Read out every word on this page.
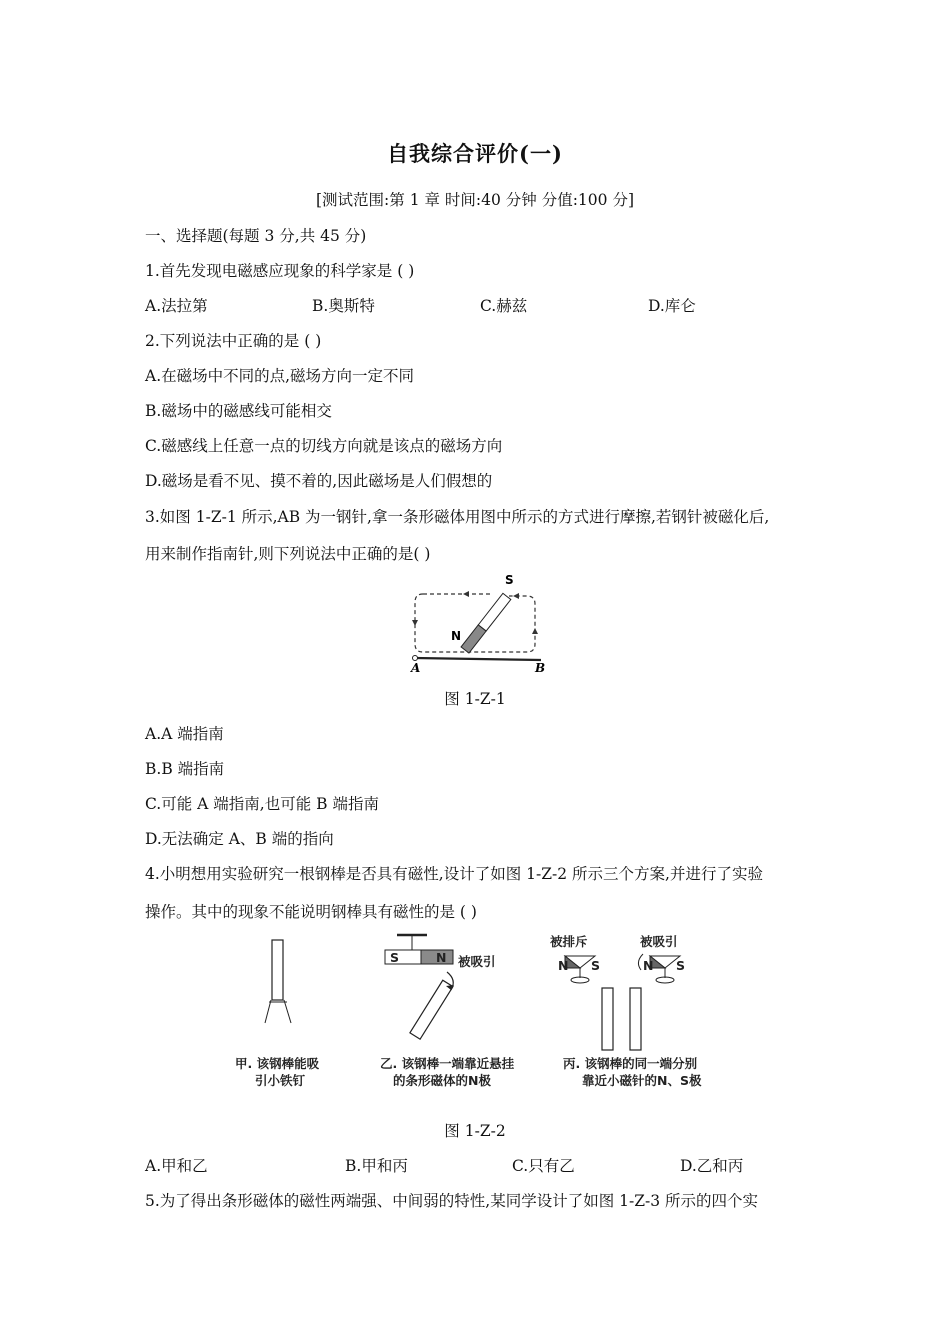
自我综合评价(一)
[测试范围:第 1 章 时间:40 分钟 分值:100 分]
一、选择题(每题 3 分,共 45 分)
1.首先发现电磁感应现象的科学家是 ( )
A.法拉第	B.奥斯特	C.赫兹	D.库仑
2.下列说法中正确的是 ( )
A.在磁场中不同的点,磁场方向一定不同
B.磁场中的磁感线可能相交
C.磁感线上任意一点的切线方向就是该点的磁场方向
D.磁场是看不见、摸不着的,因此磁场是人们假想的
3.如图 1-Z-1 所示,AB 为一钢针,拿一条形磁体用图中所示的方式进行摩擦,若钢针被磁化后,
用来制作指南针,则下列说法中正确的是( )
S
N
A	B
图 1-Z-1
A.A 端指南
B.B 端指南
C.可能 A 端指南,也可能 B 端指南
D.无法确定 A、B 端的指向
4.小明想用实验研究一根钢棒是否具有磁性,设计了如图 1-Z-2 所示三个方案,并进行了实验
操作。其中的现象不能说明钢棒具有磁性的是 ( )
甲. 该钢棒能吸
引小铁钉
S	N 被吸引
乙. 该钢棒一端靠近悬挂
的条形磁体的N极
被排斥	被吸引
N S	N S
丙. 该钢棒的同一端分别
靠近小磁针的N、S极
图 1-Z-2
A.甲和乙	B.甲和丙	C.只有乙	D.乙和丙
5.为了得出条形磁体的磁性两端强、中间弱的特性,某同学设计了如图 1-Z-3 所示的四个实
